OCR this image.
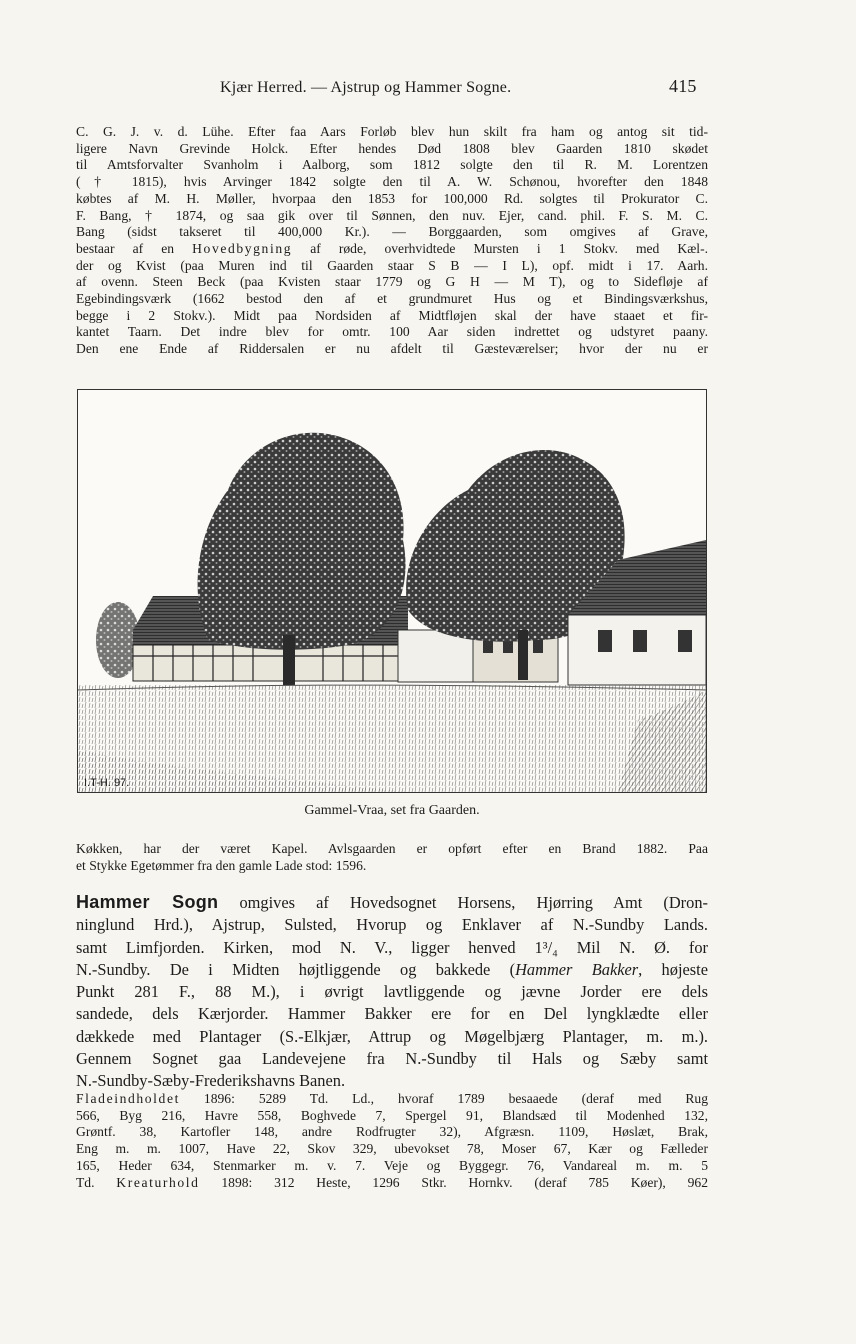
Kjær Herred. — Ajstrup og Hammer Sogne.	415
C. G. J. v. d. Lühe. Efter faa Aars Forløb blev hun skilt fra ham og antog sit tid-
ligere Navn Grevinde Holck. Efter hendes Død 1808 blev Gaarden 1810 skødet
til Amtsforvalter Svanholm i Aalborg, som 1812 solgte den til R. M. Lorentzen
(† 1815), hvis Arvinger 1842 solgte den til A. W. Schønou, hvorefter den 1848
købtes af M. H. Møller, hvorpaa den 1853 for 100,000 Rd. solgtes til Prokurator C.
F. Bang, † 1874, og saa gik over til Sønnen, den nuv. Ejer, cand. phil. F. S. M. C.
Bang (sidst takseret til 400,000 Kr.). — Borggaarden, som omgives af Grave,
bestaar af en Hovedbygning af røde, overhvidtede Mursten i 1 Stokv. med Kæl-.
der og Kvist (paa Muren ind til Gaarden staar S B — I L), opf. midt i 17. Aarh.
af ovenn. Steen Beck (paa Kvisten staar 1779 og G H — M T), og to Sidefløje af
Egebindingsværk (1662 bestod den af et grundmuret Hus og et Bindingsværkshus,
begge i 2 Stokv.). Midt paa Nordsiden af Midtfløjen skal der have staaet et fir-
kantet Taarn. Det indre blev for omtr. 100 Aar siden indrettet og udstyret paany.
Den ene Ende af Riddersalen er nu afdelt til Gæsteværelser; hvor der nu er
I.T-H. 97.
Gammel-Vraa, set fra Gaarden.
Køkken, har der været Kapel. Avlsgaarden er opført efter en Brand 1882. Paa
et Stykke Egetømmer fra den gamle Lade stod: 1596.
Hammer Sogn omgives af Hovedsognet Horsens, Hjørring Amt (Dron-
ninglund Hrd.), Ajstrup, Sulsted, Hvorup og Enklaver af N.-Sundby Lands.
samt Limfjorden. Kirken, mod N. V., ligger henved 1³/₄ Mil N. Ø. for
N.-Sundby. De i Midten højtliggende og bakkede (Hammer Bakker, højeste
Punkt 281 F., 88 M.), i øvrigt lavtliggende og jævne Jorder ere dels
sandede, dels Kærjorder. Hammer Bakker ere for en Del lyngklædte eller
dækkede med Plantager (S.-Elkjær, Attrup og Møgelbjærg Plantager, m. m.).
Gennem Sognet gaa Landevejene fra N.-Sundby til Hals og Sæby samt
N.-Sundby-Sæby-Frederikshavns Banen.
Fladeindholdet 1896: 5289 Td. Ld., hvoraf 1789 besaaede (deraf med Rug
566, Byg 216, Havre 558, Boghvede 7, Spergel 91, Blandsæd til Modenhed 132,
Grøntf. 38, Kartofler 148, andre Rodfrugter 32), Afgræsn. 1109, Høslæt, Brak,
Eng m. m. 1007, Have 22, Skov 329, ubevokset 78, Moser 67, Kær og Fælleder
165, Heder 634, Stenmarker m. v. 7. Veje og Byggegr. 76, Vandareal m. m. 5
Td. Kreaturhold 1898: 312 Heste, 1296 Stkr. Hornkv. (deraf 785 Køer), 962
